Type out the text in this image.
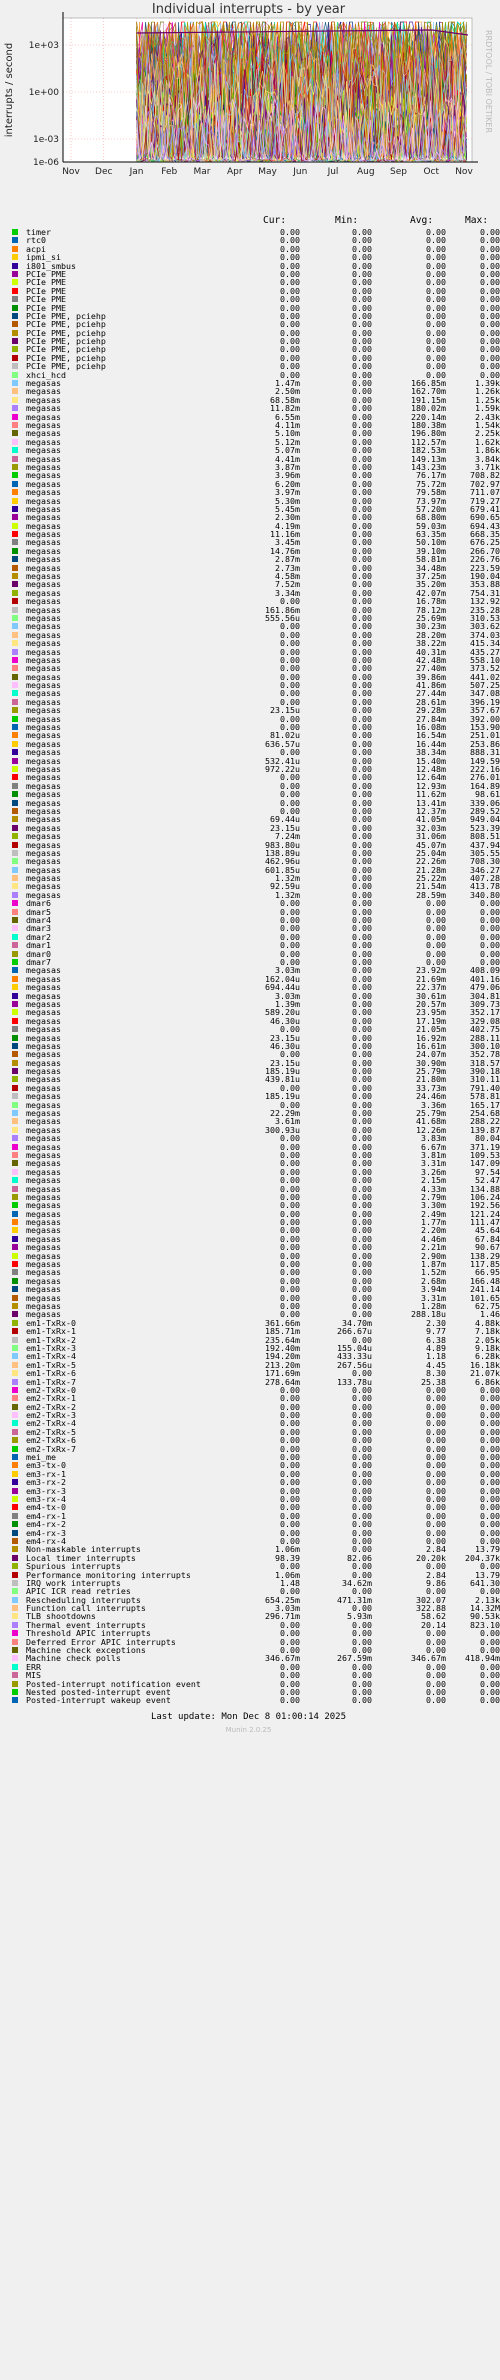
Individual interrupts - by year
RRDTOOL / TOBI OETIKER
1e+03
1e+00
1e-03
1e-06
interrupts / second
Nov Dec Jan Feb Mar Apr May Jun Jul Aug Sep Oct Nov
Cur:	Min:	Avg:	Max:
timer	0.00	0.00	0.00	0.00
rtc0	0.00	0.00	0.00	0.00
acpi	0.00	0.00	0.00	0.00
ipmi_si	0.00	0.00	0.00	0.00
i801_smbus	0.00	0.00	0.00	0.00
PCIe PME	0.00	0.00	0.00	0.00
PCIe PME	0.00	0.00	0.00	0.00
PCIe PME	0.00	0.00	0.00	0.00
PCIe PME	0.00	0.00	0.00	0.00
PCIe PME	0.00	0.00	0.00	0.00
PCIe PME, pciehp	0.00	0.00	0.00	0.00
PCIe PME, pciehp	0.00	0.00	0.00	0.00
PCIe PME, pciehp	0.00	0.00	0.00	0.00
PCIe PME, pciehp	0.00	0.00	0.00	0.00
PCIe PME, pciehp	0.00	0.00	0.00	0.00
PCIe PME, pciehp	0.00	0.00	0.00	0.00
PCIe PME, pciehp	0.00	0.00	0.00	0.00
xhci_hcd	0.00	0.00	0.00	0.00
megasas	1.47m	0.00	166.85m	1.39k
megasas	2.50m	0.00	162.70m	1.26k
megasas	68.58m	0.00	191.15m	1.25k
megasas	11.82m	0.00	180.02m	1.59k
megasas	6.55m	0.00	220.14m	2.43k
megasas	4.11m	0.00	180.38m	1.54k
megasas	5.10m	0.00	196.80m	2.25k
megasas	5.12m	0.00	112.57m	1.62k
megasas	5.07m	0.00	182.53m	1.86k
megasas	4.41m	0.00	149.13m	3.84k
megasas	3.87m	0.00	143.23m	3.71k
megasas	3.96m	0.00	76.17m	708.82
megasas	6.20m	0.00	75.72m	702.97
megasas	3.97m	0.00	79.58m	711.07
megasas	5.30m	0.00	73.97m	719.27
megasas	5.45m	0.00	57.20m	679.41
megasas	2.30m	0.00	68.80m	690.65
megasas	4.19m	0.00	59.03m	694.43
megasas	11.16m	0.00	63.35m	668.35
megasas	3.45m	0.00	50.10m	676.25
megasas	14.76m	0.00	39.10m	266.70
megasas	2.87m	0.00	58.81m	226.76
megasas	2.73m	0.00	34.48m	223.59
megasas	4.58m	0.00	37.25m	190.04
megasas	7.52m	0.00	35.20m	353.88
megasas	3.34m	0.00	42.07m	754.31
megasas	0.00	0.00	16.78m	132.92
megasas	161.86m	0.00	78.12m	235.28
megasas	555.56u	0.00	25.69m	310.53
megasas	0.00	0.00	30.23m	303.62
megasas	0.00	0.00	28.20m	374.03
megasas	0.00	0.00	38.22m	415.34
megasas	0.00	0.00	40.31m	435.27
megasas	0.00	0.00	42.48m	558.10
megasas	0.00	0.00	27.40m	373.52
megasas	0.00	0.00	39.86m	441.02
megasas	0.00	0.00	41.86m	507.25
megasas	0.00	0.00	27.44m	347.08
megasas	0.00	0.00	28.61m	396.19
megasas	23.15u	0.00	29.28m	357.67
megasas	0.00	0.00	27.84m	392.00
megasas	0.00	0.00	16.08m	153.90
megasas	81.02u	0.00	16.54m	251.01
megasas	636.57u	0.00	16.44m	253.86
megasas	0.00	0.00	38.34m	888.31
megasas	532.41u	0.00	15.40m	149.59
megasas	972.22u	0.00	12.48m	222.16
megasas	0.00	0.00	12.64m	276.01
megasas	0.00	0.00	12.93m	164.89
megasas	0.00	0.00	11.62m	98.61
megasas	0.00	0.00	13.41m	339.06
megasas	0.00	0.00	12.37m	289.52
megasas	69.44u	0.00	41.05m	949.04
megasas	23.15u	0.00	32.03m	523.39
megasas	7.24m	0.00	31.06m	808.51
megasas	983.80u	0.00	45.07m	437.94
megasas	138.89u	0.00	25.04m	305.55
megasas	462.96u	0.00	22.26m	708.30
megasas	601.85u	0.00	21.28m	346.27
megasas	1.32m	0.00	25.22m	407.28
megasas	92.59u	0.00	21.54m	413.78
megasas	1.32m	0.00	28.59m	340.80
dmar6	0.00	0.00	0.00	0.00
dmar5	0.00	0.00	0.00	0.00
dmar4	0.00	0.00	0.00	0.00
dmar3	0.00	0.00	0.00	0.00
dmar2	0.00	0.00	0.00	0.00
dmar1	0.00	0.00	0.00	0.00
dmar0	0.00	0.00	0.00	0.00
dmar7	0.00	0.00	0.00	0.00
megasas	3.03m	0.00	23.92m	408.09
megasas	162.04u	0.00	21.69m	401.16
megasas	694.44u	0.00	22.37m	479.06
megasas	3.03m	0.00	30.61m	304.81
megasas	1.39m	0.00	20.57m	309.73
megasas	589.20u	0.00	23.95m	352.17
megasas	46.30u	0.00	17.19m	329.08
megasas	0.00	0.00	21.05m	402.75
megasas	23.15u	0.00	16.92m	288.11
megasas	46.30u	0.00	16.61m	300.10
megasas	0.00	0.00	24.07m	352.78
megasas	23.15u	0.00	30.90m	318.57
megasas	185.19u	0.00	25.79m	390.18
megasas	439.81u	0.00	21.80m	310.11
megasas	0.00	0.00	33.73m	791.40
megasas	185.19u	0.00	24.46m	578.81
megasas	0.00	0.00	3.36m	165.17
megasas	22.29m	0.00	25.79m	254.68
megasas	3.61m	0.00	41.68m	288.22
megasas	300.93u	0.00	12.26m	139.87
megasas	0.00	0.00	3.83m	80.04
megasas	0.00	0.00	6.67m	371.19
megasas	0.00	0.00	3.81m	109.53
megasas	0.00	0.00	3.31m	147.09
megasas	0.00	0.00	3.26m	97.54
megasas	0.00	0.00	2.15m	52.47
megasas	0.00	0.00	4.33m	134.88
megasas	0.00	0.00	2.79m	106.24
megasas	0.00	0.00	3.30m	192.56
megasas	0.00	0.00	2.49m	121.24
megasas	0.00	0.00	1.77m	111.47
megasas	0.00	0.00	2.20m	45.64
megasas	0.00	0.00	4.46m	67.84
megasas	0.00	0.00	2.21m	90.67
megasas	0.00	0.00	2.90m	138.29
megasas	0.00	0.00	1.87m	117.85
megasas	0.00	0.00	1.52m	66.95
megasas	0.00	0.00	2.68m	166.48
megasas	0.00	0.00	3.94m	241.14
megasas	0.00	0.00	3.31m	101.65
megasas	0.00	0.00	1.28m	62.75
megasas	0.00	0.00	288.18u	1.46
em1-TxRx-0	361.66m	34.70m	2.30	4.88k
em1-TxRx-1	185.71m	266.67u	9.77	7.18k
em1-TxRx-2	235.64m	0.00	6.38	2.05k
em1-TxRx-3	192.40m	155.04u	4.89	9.18k
em1-TxRx-4	194.20m	433.33u	1.18	6.28k
em1-TxRx-5	213.20m	267.56u	4.45	16.18k
em1-TxRx-6	171.69m	0.00	8.30	21.07k
em1-TxRx-7	278.64m	133.78u	25.38	6.86k
em2-TxRx-0	0.00	0.00	0.00	0.00
em2-TxRx-1	0.00	0.00	0.00	0.00
em2-TxRx-2	0.00	0.00	0.00	0.00
em2-TxRx-3	0.00	0.00	0.00	0.00
em2-TxRx-4	0.00	0.00	0.00	0.00
em2-TxRx-5	0.00	0.00	0.00	0.00
em2-TxRx-6	0.00	0.00	0.00	0.00
em2-TxRx-7	0.00	0.00	0.00	0.00
mei_me	0.00	0.00	0.00	0.00
em3-tx-0	0.00	0.00	0.00	0.00
em3-rx-1	0.00	0.00	0.00	0.00
em3-rx-2	0.00	0.00	0.00	0.00
em3-rx-3	0.00	0.00	0.00	0.00
em3-rx-4	0.00	0.00	0.00	0.00
em4-tx-0	0.00	0.00	0.00	0.00
em4-rx-1	0.00	0.00	0.00	0.00
em4-rx-2	0.00	0.00	0.00	0.00
em4-rx-3	0.00	0.00	0.00	0.00
em4-rx-4	0.00	0.00	0.00	0.00
Non-maskable interrupts	1.06m	0.00	2.84	13.79
Local timer interrupts	98.39	82.06	20.20k	204.37k
Spurious interrupts	0.00	0.00	0.00	0.00
Performance monitoring interrupts	1.06m	0.00	2.84	13.79
IRQ work interrupts	1.48	34.62m	9.86	641.30
APIC ICR read retries	0.00	0.00	0.00	0.00
Rescheduling interrupts	654.25m	471.31m	302.07	2.13k
Function call interrupts	3.03m	0.00	322.88	14.32M
TLB shootdowns	296.71m	5.93m	58.62	90.53k
Thermal event interrupts	0.00	0.00	20.14	823.10
Threshold APIC interrupts	0.00	0.00	0.00	0.00
Deferred Error APIC interrupts	0.00	0.00	0.00	0.00
Machine check exceptions	0.00	0.00	0.00	0.00
Machine check polls	346.67m	267.59m	346.67m	418.94m
ERR	0.00	0.00	0.00	0.00
MIS	0.00	0.00	0.00	0.00
Posted-interrupt notification event	0.00	0.00	0.00	0.00
Nested posted-interrupt event	0.00	0.00	0.00	0.00
Posted-interrupt wakeup event	0.00	0.00	0.00	0.00
Last update: Mon Dec 8 01:00:14 2025
Munin 2.0.25
